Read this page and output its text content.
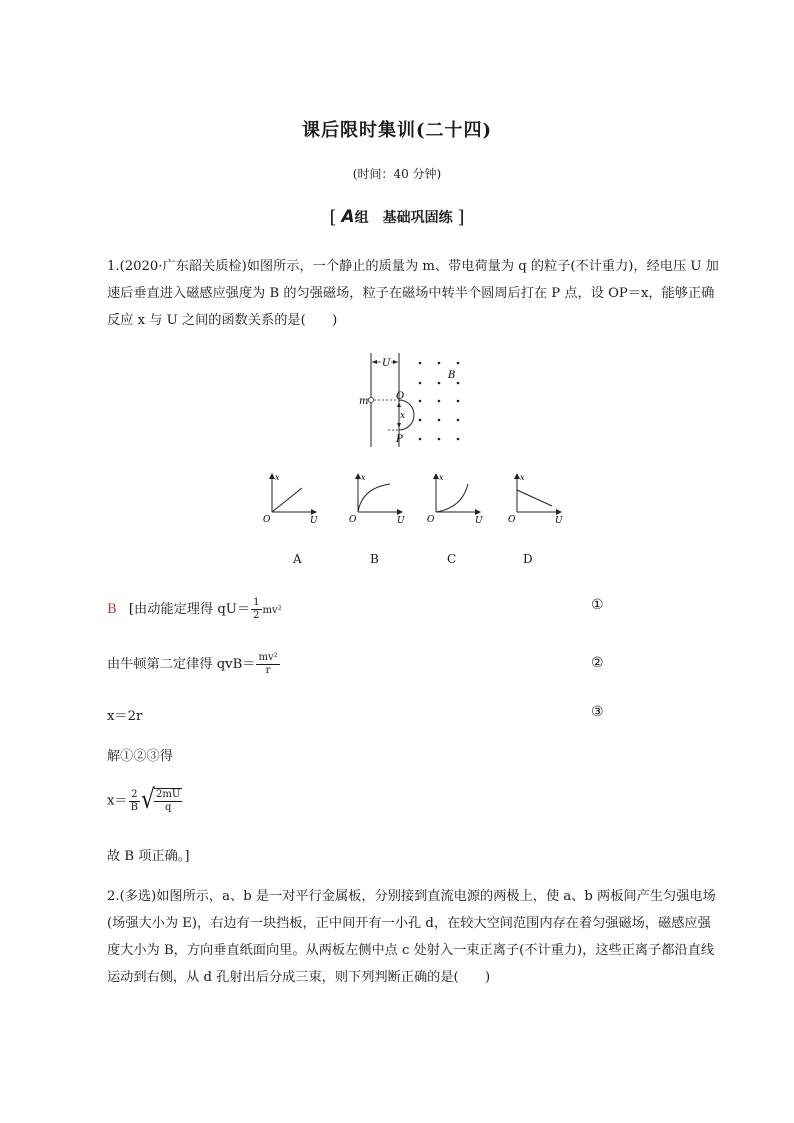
课后限时集训(二十四)
(时间：40 分钟)
[ A组　基础巩固练 ]
1.(2020·广东韶关质检)如图所示，一个静止的质量为 m、带电荷量为 q 的粒子(不计重力)，经电压 U 加速后垂直进入磁感应强度为 B 的匀强磁场，粒子在磁场中转半个圆周后打在 P 点，设 OP＝x，能够正确反应 x 与 U 之间的函数关系的是(　　)
U
B
O
m
x
P
x
O	U
x
O	U
x
O	U
x
O	U
A	B	C	D
B [由动能定理得 $qU= \frac{1}{2} mv^2$	①
由牛顿第二定律得 $qvB= \frac{\text{mv²}}{r}$	②
x＝2r	③
解①②③得
$x= \frac{2}{B}$ √ $\frac{2mU}{q}$
故 B 项正确。]
2.(多选)如图所示，a、b 是一对平行金属板，分别接到直流电源的两极上，使 a、b 两板间产生匀强电场(场强大小为 E)，右边有一块挡板，正中间开有一小孔 d，在较大空间范围内存在着匀强磁场，磁感应强度大小为 B，方向垂直纸面向里。从两板左侧中点 c 处射入一束正离子(不计重力)，这些正离子都沿直线运动到右侧，从 d 孔射出后分成三束，则下列判断正确的是(　　)
